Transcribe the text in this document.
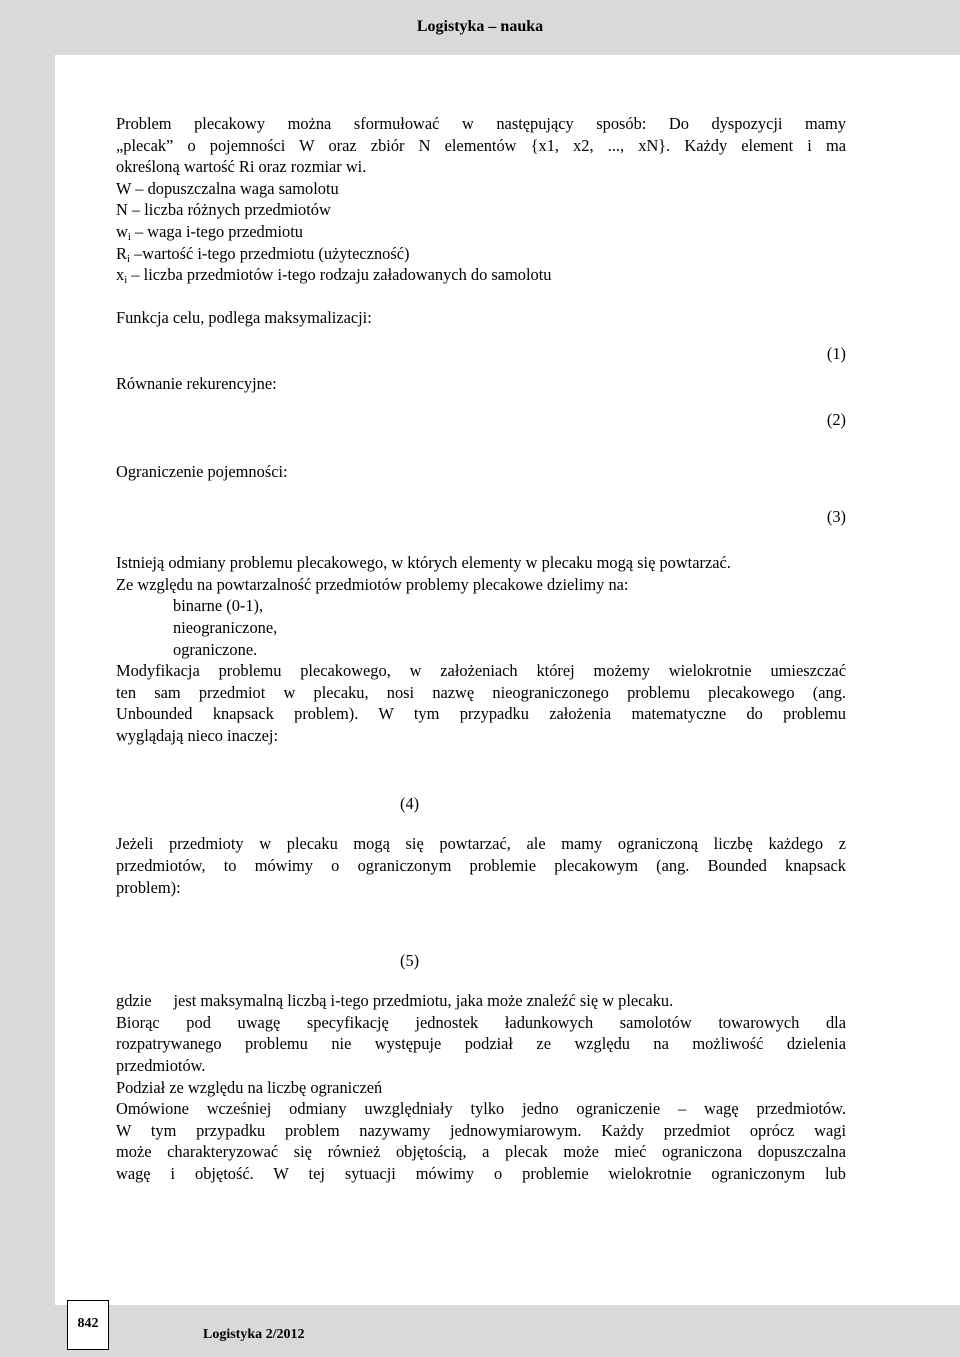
Logistyka – nauka

Problem plecakowy można sformułować w następujący sposób: Do dyspozycji mamy

„plecak” o pojemności W oraz zbiór N elementów {x1, x2, ..., xN}. Każdy element i ma

określoną wartość Ri oraz rozmiar wi.

W – dopuszczalna waga samolotu

N – liczba różnych przedmiotów

$w_i$ – waga i-tego przedmiotu

$R_i$ –wartość i-tego przedmiotu (użyteczność)

$x_i$ – liczba przedmiotów i-tego rodzaju załadowanych do samolotu

Funkcja celu, podlega maksymalizacji:

(1)

Równanie rekurencyjne:

(2)

Ograniczenie pojemności:

(3)

Istnieją odmiany problemu plecakowego, w których elementy w plecaku mogą się powtarzać.

Ze względu na powtarzalność przedmiotów problemy plecakowe dzielimy na:

binarne (0-1),

nieograniczone,

ograniczone.

Modyfikacja problemu plecakowego, w założeniach której możemy wielokrotnie umieszczać

ten sam przedmiot w plecaku, nosi nazwę nieograniczonego problemu plecakowego (ang.

Unbounded knapsack problem). W tym przypadku założenia matematyczne do problemu

wyglądają nieco inaczej:

(4)

Jeżeli przedmioty w plecaku mogą się powtarzać, ale mamy ograniczoną liczbę każdego z

przedmiotów, to mówimy o ograniczonym problemie plecakowym (ang. Bounded knapsack

problem):

(5)

gdzie jest maksymalną liczbą i-tego przedmiotu, jaka może znaleźć się w plecaku.

Biorąc pod uwagę specyfikację jednostek ładunkowych samolotów towarowych dla

rozpatrywanego problemu nie występuje podział ze względu na możliwość dzielenia

przedmiotów.

Podział ze względu na liczbę ograniczeń

Omówione wcześniej odmiany uwzględniały tylko jedno ograniczenie – wagę przedmiotów.

W tym przypadku problem nazywamy jednowymiarowym. Każdy przedmiot oprócz wagi

może charakteryzować się również objętością, a plecak może mieć ograniczona dopuszczalna

wagę i objętość. W tej sytuacji mówimy o problemie wielokrotnie ograniczonym lub

842
Logistyka 2/2012
